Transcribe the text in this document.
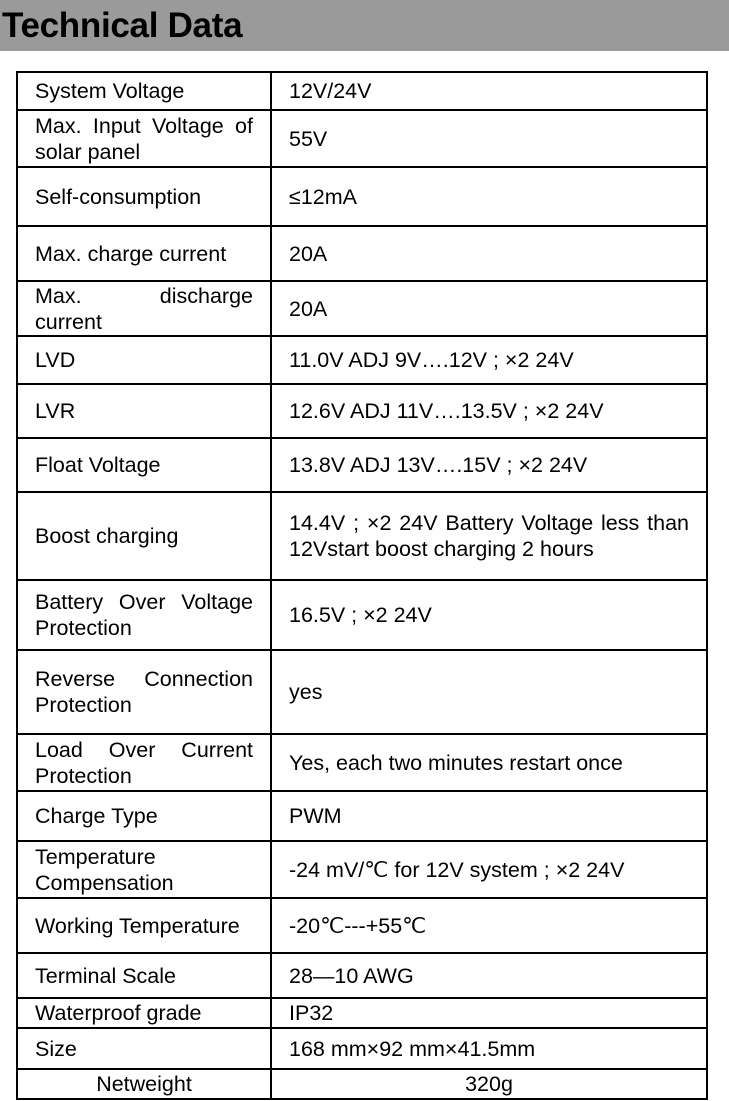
Technical Data
System Voltage	12V/24V
Max. Input Voltage of solar panel	55V
Self-consumption	≤12mA
Max. charge current	20A
Max. discharge current	20A
LVD	11.0V ADJ 9V….12V ; ×2 24V
LVR	12.6V ADJ 11V….13.5V ; ×2 24V
Float Voltage	13.8V ADJ 13V….15V ; ×2 24V
Boost charging	14.4V ; ×2 24V Battery Voltage less than 12Vstart boost charging 2 hours
Battery Over Voltage Protection	16.5V ; ×2 24V
Reverse Connection Protection	yes
Load Over Current Protection	Yes, each two minutes restart once
Charge Type	PWM
Temperature Compensation	-24 mV/℃ for 12V system ; ×2 24V
Working Temperature	-20℃---+55℃
Terminal Scale	28—10 AWG
Waterproof grade	IP32
Size	168 mm×92 mm×41.5mm
Netweight	320g
